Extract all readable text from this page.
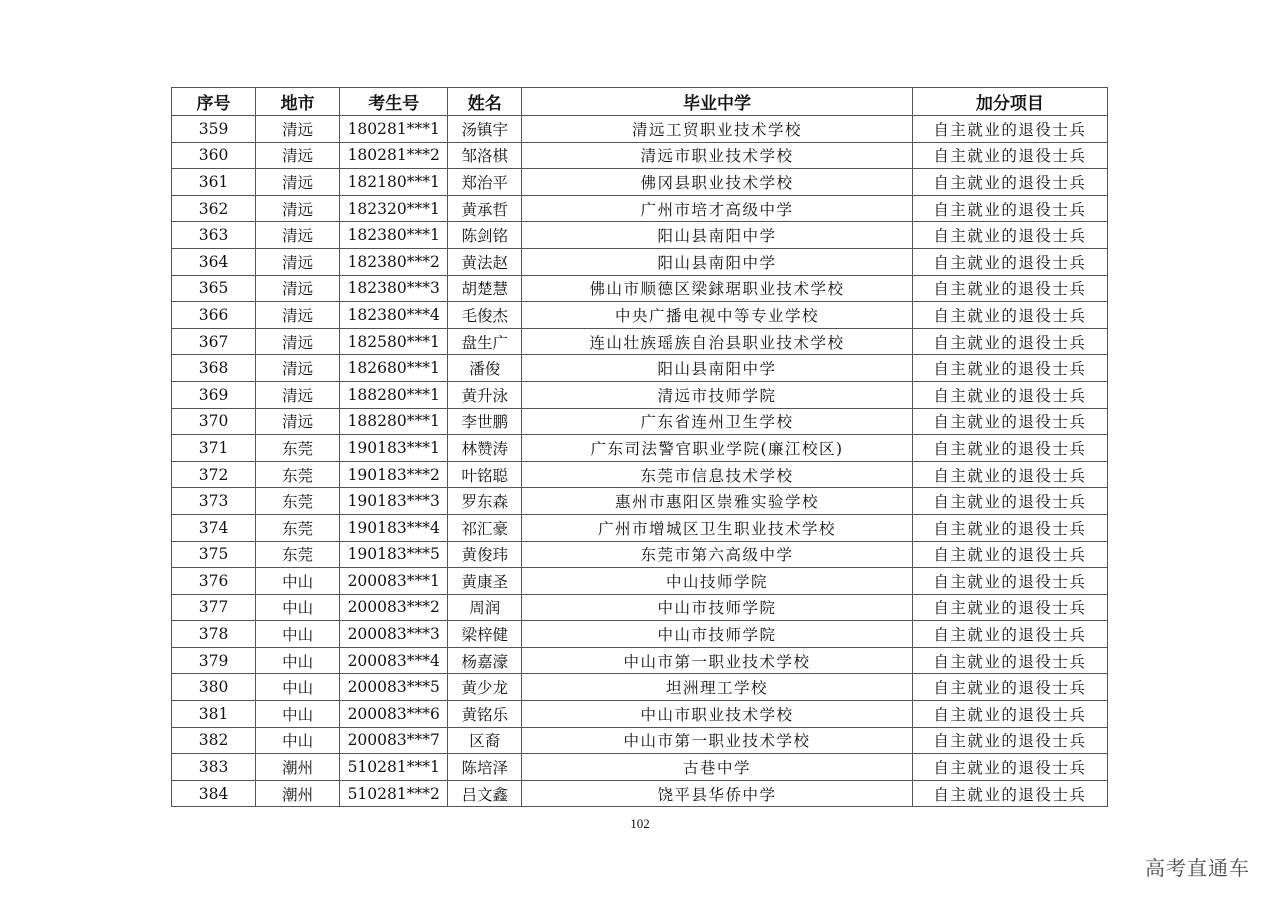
序号	地市	考生号	姓名	毕业中学	加分项目
359	清远	180281***1	汤镇宇	清远工贸职业技术学校	自主就业的退役士兵
360	清远	180281***2	邹洛棋	清远市职业技术学校	自主就业的退役士兵
361	清远	182180***1	郑治平	佛冈县职业技术学校	自主就业的退役士兵
362	清远	182320***1	黄承哲	广州市培才高级中学	自主就业的退役士兵
363	清远	182380***1	陈剑铭	阳山县南阳中学	自主就业的退役士兵
364	清远	182380***2	黄法赵	阳山县南阳中学	自主就业的退役士兵
365	清远	182380***3	胡楚慧	佛山市顺德区梁銶琚职业技术学校	自主就业的退役士兵
366	清远	182380***4	毛俊杰	中央广播电视中等专业学校	自主就业的退役士兵
367	清远	182580***1	盘生广	连山壮族瑶族自治县职业技术学校	自主就业的退役士兵
368	清远	182680***1	潘俊	阳山县南阳中学	自主就业的退役士兵
369	清远	188280***1	黄升泳	清远市技师学院	自主就业的退役士兵
370	清远	188280***1	李世鹏	广东省连州卫生学校	自主就业的退役士兵
371	东莞	190183***1	林赞涛	广东司法警官职业学院(廉江校区)	自主就业的退役士兵
372	东莞	190183***2	叶铭聪	东莞市信息技术学校	自主就业的退役士兵
373	东莞	190183***3	罗东森	惠州市惠阳区崇雅实验学校	自主就业的退役士兵
374	东莞	190183***4	祁汇豪	广州市增城区卫生职业技术学校	自主就业的退役士兵
375	东莞	190183***5	黄俊玮	东莞市第六高级中学	自主就业的退役士兵
376	中山	200083***1	黄康圣	中山技师学院	自主就业的退役士兵
377	中山	200083***2	周润	中山市技师学院	自主就业的退役士兵
378	中山	200083***3	梁梓健	中山市技师学院	自主就业的退役士兵
379	中山	200083***4	杨嘉濠	中山市第一职业技术学校	自主就业的退役士兵
380	中山	200083***5	黄少龙	坦洲理工学校	自主就业的退役士兵
381	中山	200083***6	黄铭乐	中山市职业技术学校	自主就业的退役士兵
382	中山	200083***7	区裔	中山市第一职业技术学校	自主就业的退役士兵
383	潮州	510281***1	陈培泽	古巷中学	自主就业的退役士兵
384	潮州	510281***2	吕文鑫	饶平县华侨中学	自主就业的退役士兵
102
高考直通车
